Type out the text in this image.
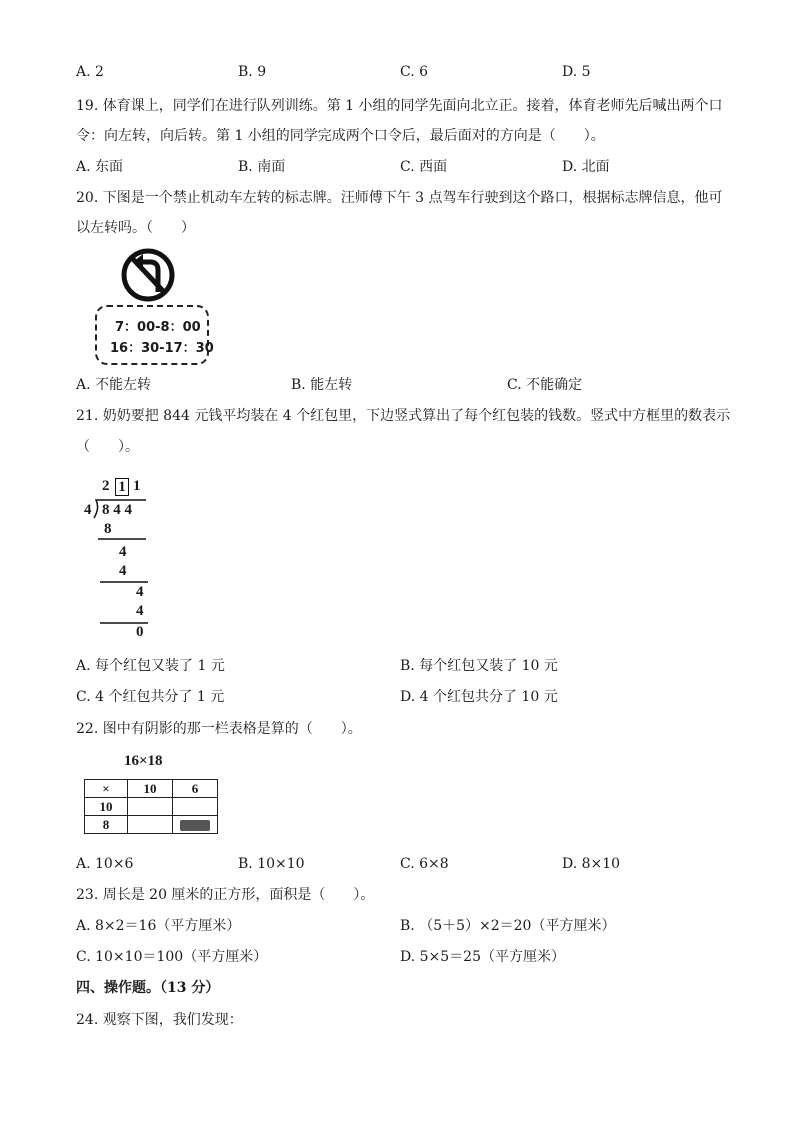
A. 2	B. 9	C. 6	D. 5
19. 体育课上，同学们在进行队列训练。第 1 小组的同学先面向北立正。接着，体育老师先后喊出两个口
令：向左转，向后转。第 1 小组的同学完成两个口令后，最后面对的方向是（　　）。
A. 东面	B. 南面	C. 西面	D. 北面
20. 下图是一个禁止机动车左转的标志牌。汪师傅下午 3 点驾车行驶到这个路口，根据标志牌信息，他可
以左转吗。（　　）
7：00-8：00
16：30-17：30
A. 不能左转	B. 能左转	C. 不能确定
21. 奶奶要把 844 元钱平均装在 4 个红包里，下边竖式算出了每个红包装的钱数。竖式中方框里的数表示
（　　）。
2 1 1
4 8 4 4
8
4
4
4
4
0
A. 每个红包又装了 1 元	B. 每个红包又装了 10 元
C. 4 个红包共分了 1 元	D. 4 个红包共分了 10 元
22. 图中有阴影的那一栏表格是算的（　　）。
16×18
×	10	6
10		
8		
A. 10×6	B. 10×10	C. 6×8	D. 8×10
23. 周长是 20 厘米的正方形，面积是（　　）。
A. 8×2＝16（平方厘米）	B. （5＋5）×2＝20（平方厘米）
C. 10×10＝100（平方厘米）	D. 5×5＝25（平方厘米）
四、操作题。（13 分）
24. 观察下图，我们发现：
